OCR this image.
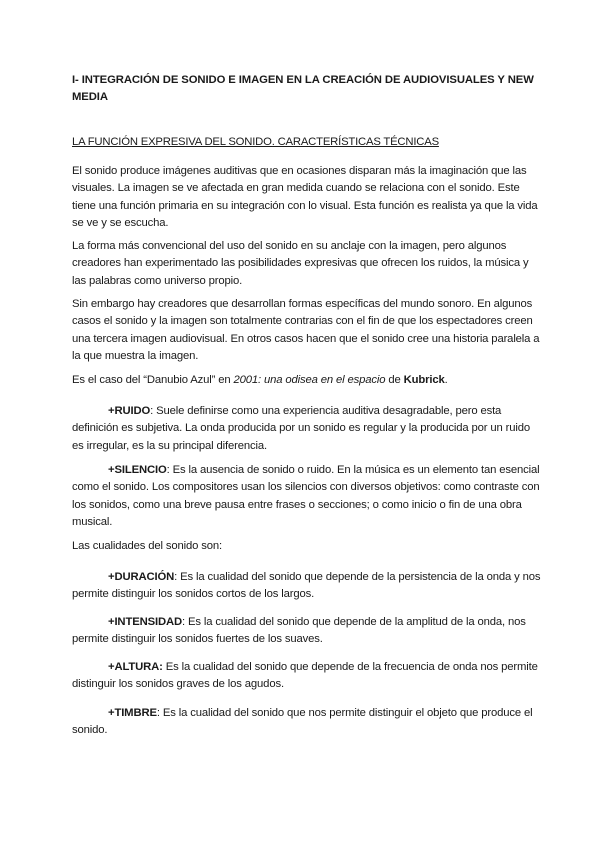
I- INTEGRACIÓN DE SONIDO E IMAGEN EN LA CREACIÓN DE AUDIOVISUALES Y NEW MEDIA
LA FUNCIÓN EXPRESIVA DEL SONIDO. CARACTERÍSTICAS TÉCNICAS

El sonido produce imágenes auditivas que en ocasiones disparan más la imaginación que las visuales. La imagen se ve afectada en gran medida cuando se relaciona con el sonido. Este tiene una función primaria en su integración con lo visual. Esta función es realista ya que la vida se ve y se escucha.

La forma más convencional del uso del sonido en su anclaje con la imagen, pero algunos creadores han experimentado las posibilidades expresivas que ofrecen los ruidos, la música y las palabras como universo propio.

Sin embargo hay creadores que desarrollan formas específicas del mundo sonoro. En algunos casos el sonido y la imagen son totalmente contrarias con el fin de que los espectadores creen una tercera imagen audiovisual. En otros casos hacen que el sonido cree una historia paralela a la que muestra la imagen.

Es el caso del “Danubio Azul” en 2001: una odisea en el espacio de Kubrick.

+RUIDO: Suele definirse como una experiencia auditiva desagradable, pero esta definición es subjetiva. La onda producida por un sonido es regular y la producida por un ruido es irregular, es la su principal diferencia.

+SILENCIO: Es la ausencia de sonido o ruido. En la música es un elemento tan esencial como el sonido. Los compositores usan los silencios con diversos objetivos: como contraste con los sonidos, como una breve pausa entre frases o secciones; o como inicio o fin de una obra musical.

Las cualidades del sonido son:

+DURACIÓN: Es la cualidad del sonido que depende de la persistencia de la onda y nos permite distinguir los sonidos cortos de los largos.

+INTENSIDAD: Es la cualidad del sonido que depende de la amplitud de la onda, nos permite distinguir los sonidos fuertes de los suaves.

+ALTURA: Es la cualidad del sonido que depende de la frecuencia de onda nos permite distinguir los sonidos graves de los agudos.

+TIMBRE: Es la cualidad del sonido que nos permite distinguir el objeto que produce el sonido.
